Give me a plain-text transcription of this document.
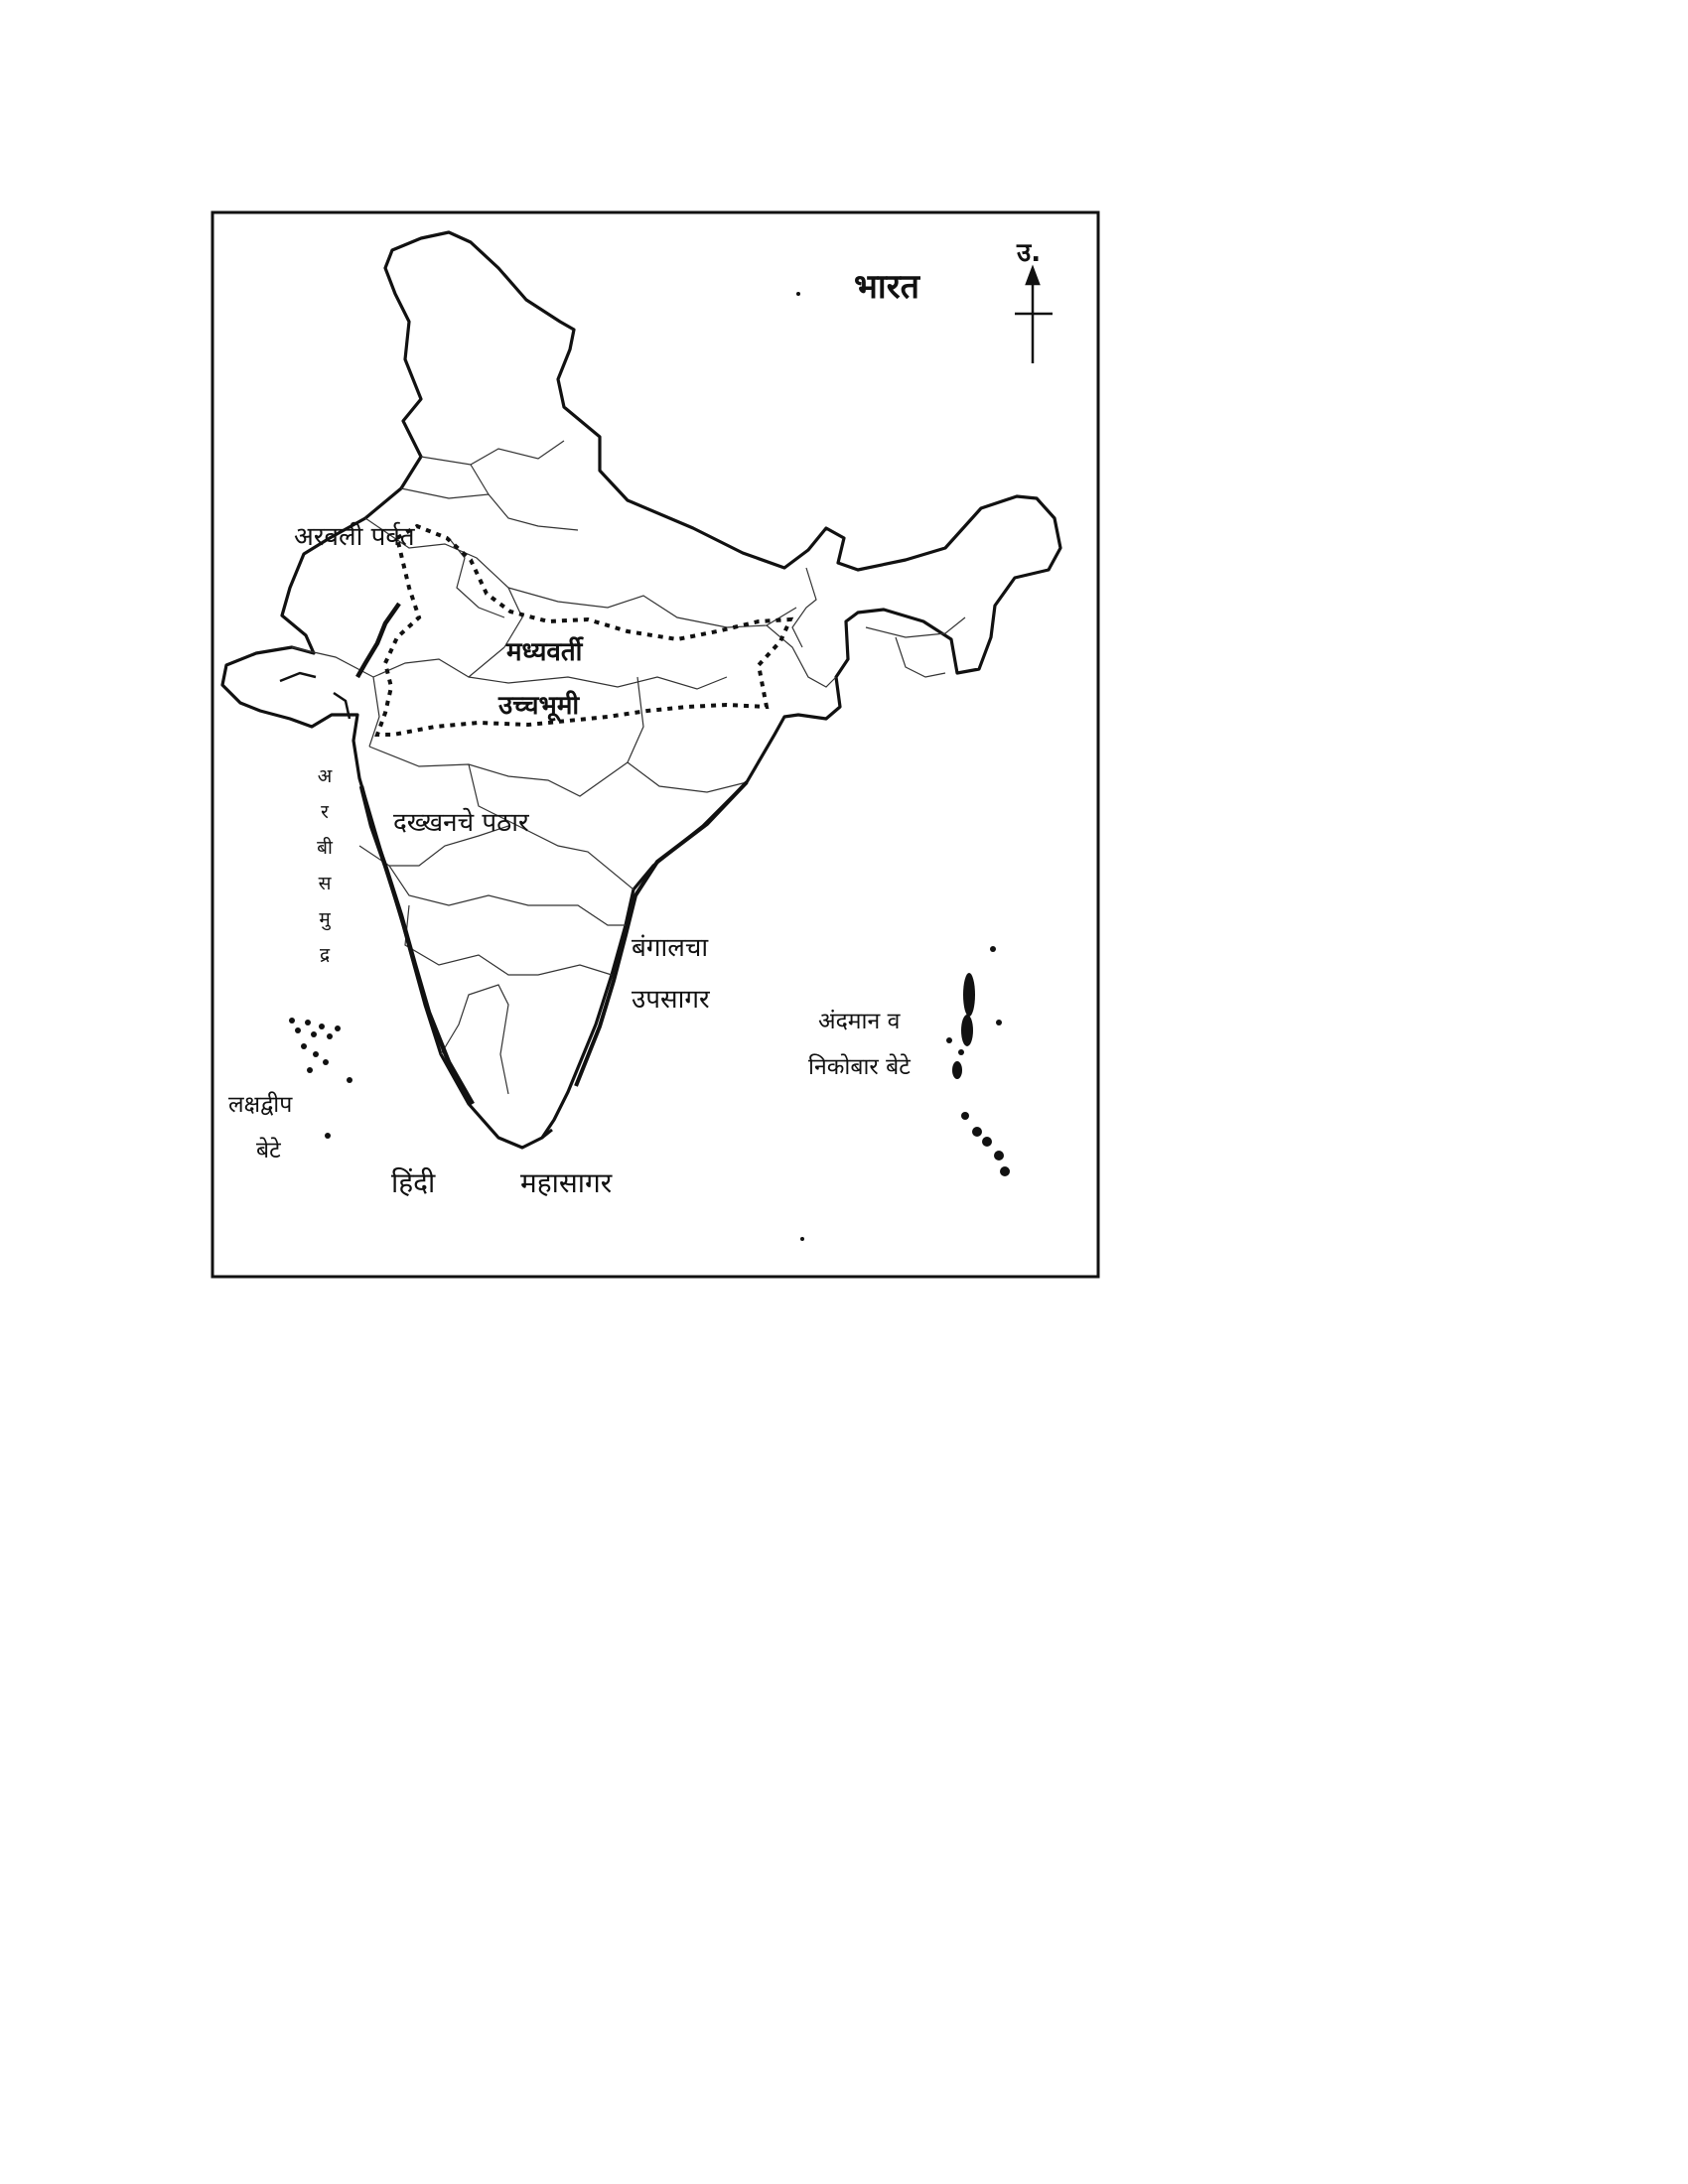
भारत
उ.
अरवली पर्वत
मध्यवर्ती
उच्चभूमी
दख्खनचे पठार
अ
र
बी
स
मु
द्र	बंगालचा
उपसागर
अंदमान व
निकोबार बेटे
लक्षद्वीप
बेटे
हिंदी	महासागर
